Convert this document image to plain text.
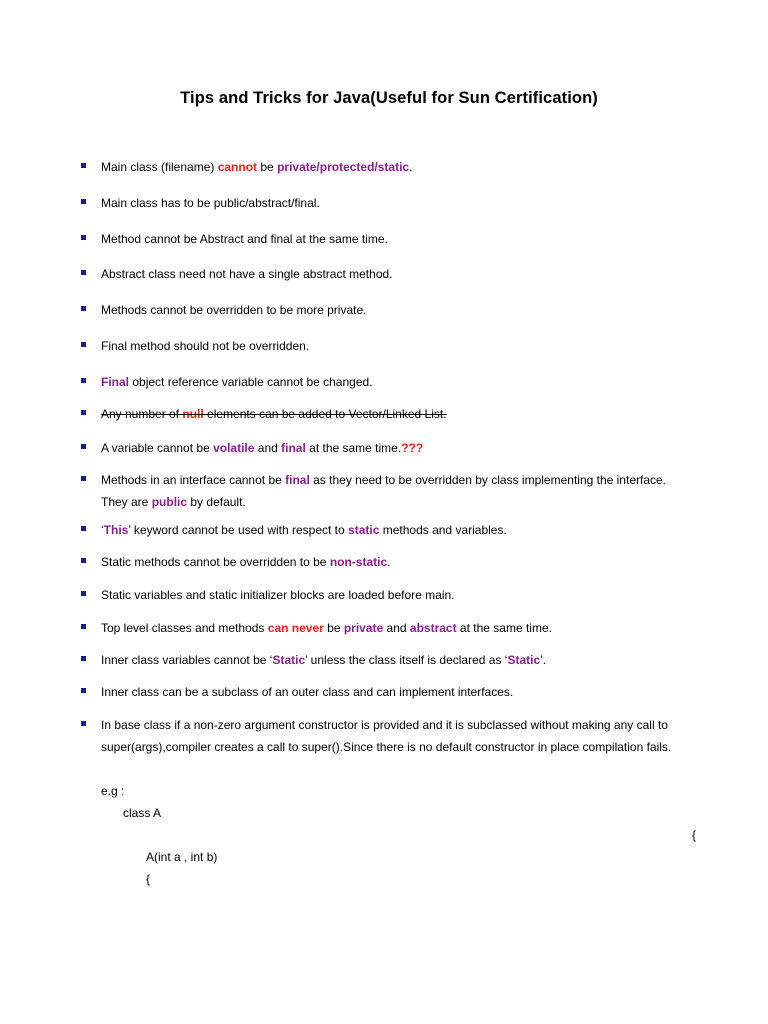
Tips and Tricks for Java(Useful for Sun Certification)
Main class (filename) cannot be private/protected/static.
Main class has to be public/abstract/final.
Method cannot be Abstract and final at the same time.
Abstract class need not have a single abstract method.
Methods cannot be overridden to be more private.
Final method should not be overridden.
Final object reference variable cannot be changed.
Any number of null elements can be added to Vector/Linked List.
A variable cannot be volatile and final at the same time.???
Methods in an interface cannot be final as they need to be overridden by class implementing the interface.
They are public by default.
‘This’ keyword cannot be used with respect to static methods and variables.
Static methods cannot be overridden to be non-static.
Static variables and static initializer blocks are loaded before main.
Top level classes and methods can never be private and abstract at the same time.
Inner class variables cannot be ‘Static’ unless the class itself is declared as ‘Static’.
Inner class can be a subclass of an outer class and can implement interfaces.
In base class if a non-zero argument constructor is provided and it is subclassed without making any call to
super(args),compiler creates a call to super().Since there is no default constructor in place compilation fails.
e.g :
class A
{
A(int a , int b)
{
